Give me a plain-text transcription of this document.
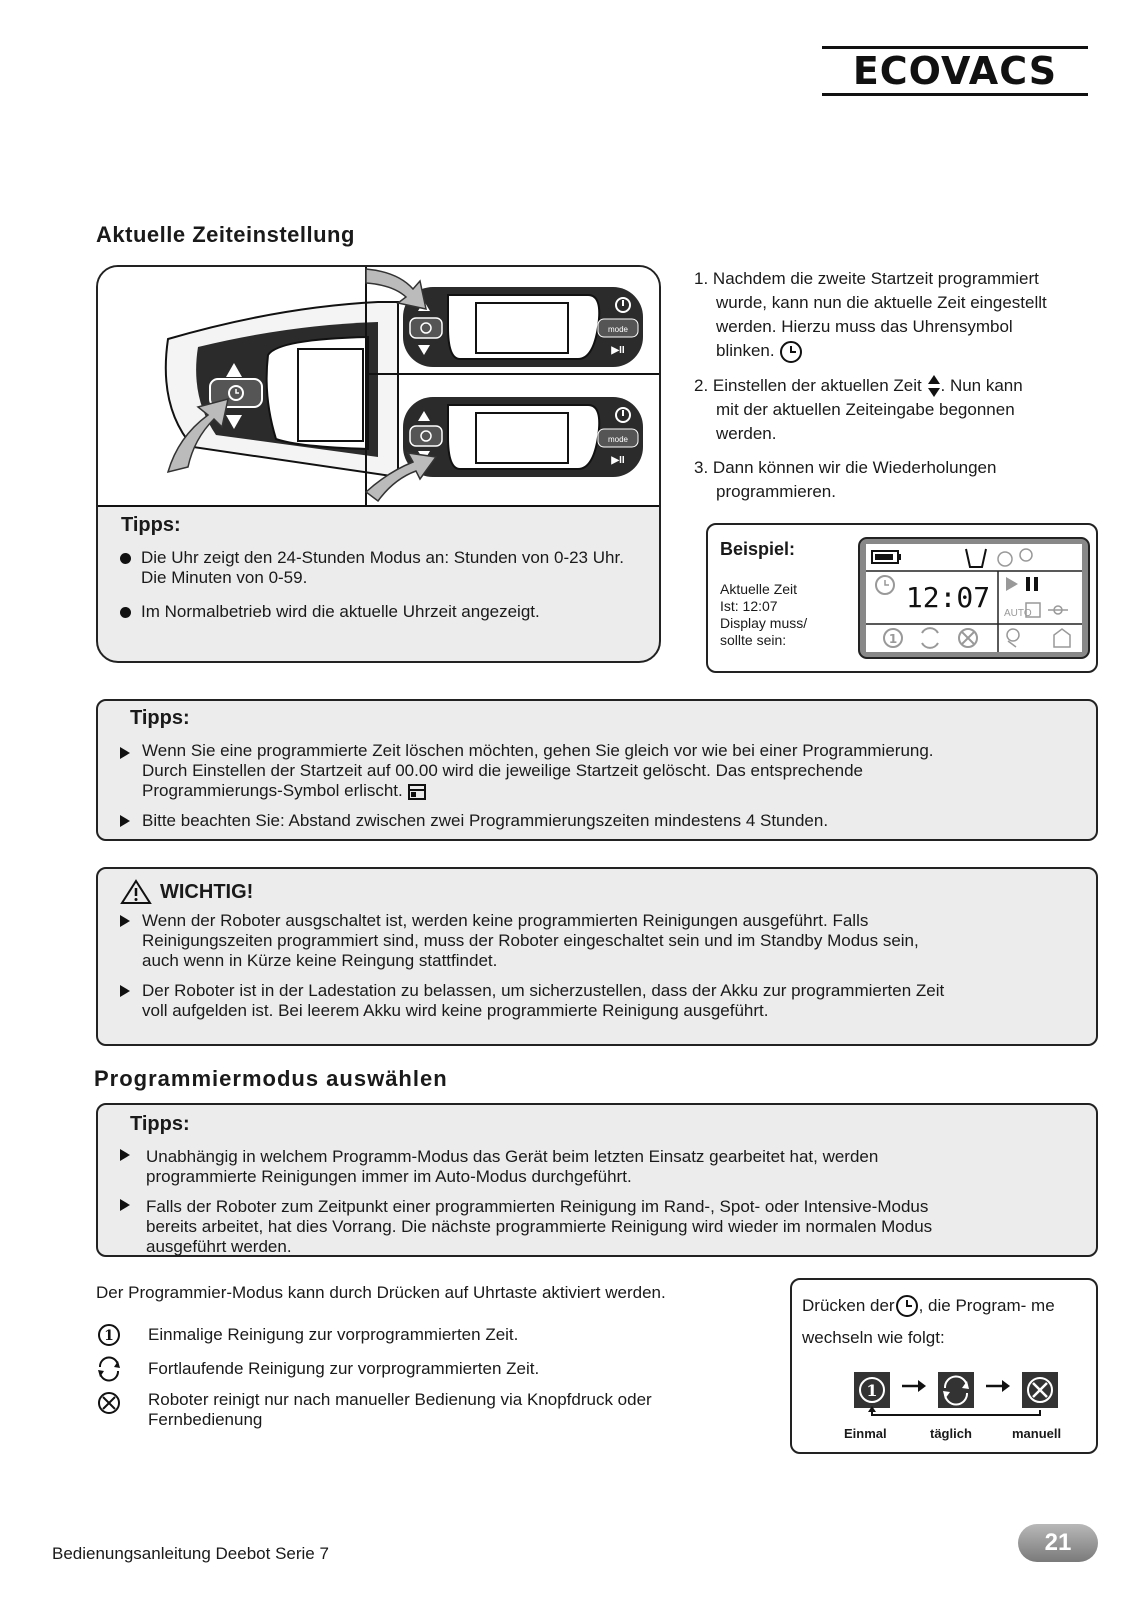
ECOVACS
Aktuelle Zeiteinstellung
mode
▶II
mode
▶II
Tipps:
Die Uhr zeigt den 24-Stunden Modus an: Stunden von 0-23 Uhr. Die Minuten von 0-59.
Im Normalbetrieb wird die aktuelle Uhrzeit angezeigt.
1. Nachdem die zweite Startzeit programmiert
wurde, kann nun die aktuelle Zeit eingestellt
werden. Hierzu muss das Uhrensymbol
blinken.
2. Einstellen der aktuellen Zeit . Nun kann
mit der aktuellen Zeiteingabe begonnen
werden.
3. Dann können wir die Wiederholungen
programmieren.
Beispiel:
Aktuelle Zeit
Ist: 12:07
Display muss/
sollte sein:
12:07 AUTO
1
Tipps:
Wenn Sie eine programmierte Zeit löschen möchten, gehen Sie gleich vor wie bei einer Programmierung.
Durch Einstellen der Startzeit auf 00.00 wird die jeweilige Startzeit gelöscht. Das entsprechende
Programmierungs-Symbol erlischt.
Bitte beachten Sie: Abstand zwischen zwei Programmierungszeiten mindestens 4 Stunden.
WICHTIG!
Wenn der Roboter ausgschaltet ist, werden keine programmierten Reinigungen ausgeführt. Falls
Reinigungszeiten programmiert sind, muss der Roboter eingeschaltet sein und im Standby Modus sein,
auch wenn in Kürze keine Reingung stattfindet.
Der Roboter ist in der Ladestation zu belassen, um sicherzustellen, dass der Akku zur programmierten Zeit
voll aufgelden ist. Bei leerem Akku wird keine programmierte Reinigung ausgeführt.
Programmiermodus auswählen
Tipps:
Unabhängig in welchem Programm-Modus das Gerät beim letzten Einsatz gearbeitet hat, werden
programmierte Reinigungen immer im Auto-Modus durchgeführt.
Falls der Roboter zum Zeitpunkt einer programmierten Reinigung im Rand-, Spot- oder Intensive-Modus
bereits arbeitet, hat dies Vorrang. Die nächste programmierte Reinigung wird wieder im normalen Modus
ausgeführt werden.
Der Programmier-Modus kann durch Drücken auf Uhrtaste aktiviert werden.
1 Einmalige Reinigung zur vorprogrammierten Zeit.
Fortlaufende Reinigung zur vorprogrammierten Zeit.
Roboter reinigt nur nach manueller Bedienung via Knopfdruck oder
Fernbedienung
Drücken der , die Program- me
wechseln wie folgt:
1
Einmal	täglich	manuell
Bedienungsanleitung Deebot Serie 7	21
